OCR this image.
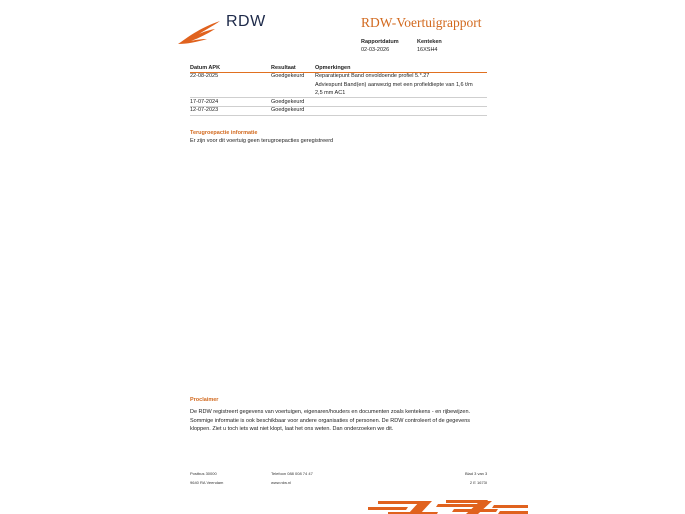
RDW	RDW-Voertuigrapport
Rapportdatum	Kenteken
02-03-2026	16XSH4
Datum APK	Resultaat	Opmerkingen
22-08-2025	Goedgekeurd Reparatiepunt Band onvoldoende profiel 5.*.27
Adviespunt Band(en) aanwezig met een profieldiepte van 1,6 t/m
2,5 mm AC1
17-07-2024	Goedgekeurd
12-07-2023	Goedgekeurd
Terugroepactie informatie
Er zijn voor dit voertuig geen terugroepacties geregistreerd
Proclaimer
De RDW registreert gegevens van voertuigen, eigenaren/houders en documenten zoals kentekens - en rijbewijzen.
Sommige informatie is ook beschikbaar voor andere organisaties of personen. De RDW controleert of de gegevens
kloppen. Ziet u toch iets wat niet klopt, laat het ons weten. Dan onderzoeken we dit.
Postbus 30000
9640 RA Veendam
Telefoon 088 008 74 47
www.rdw.nl
Blad 3 van 3
2 E 1673I
